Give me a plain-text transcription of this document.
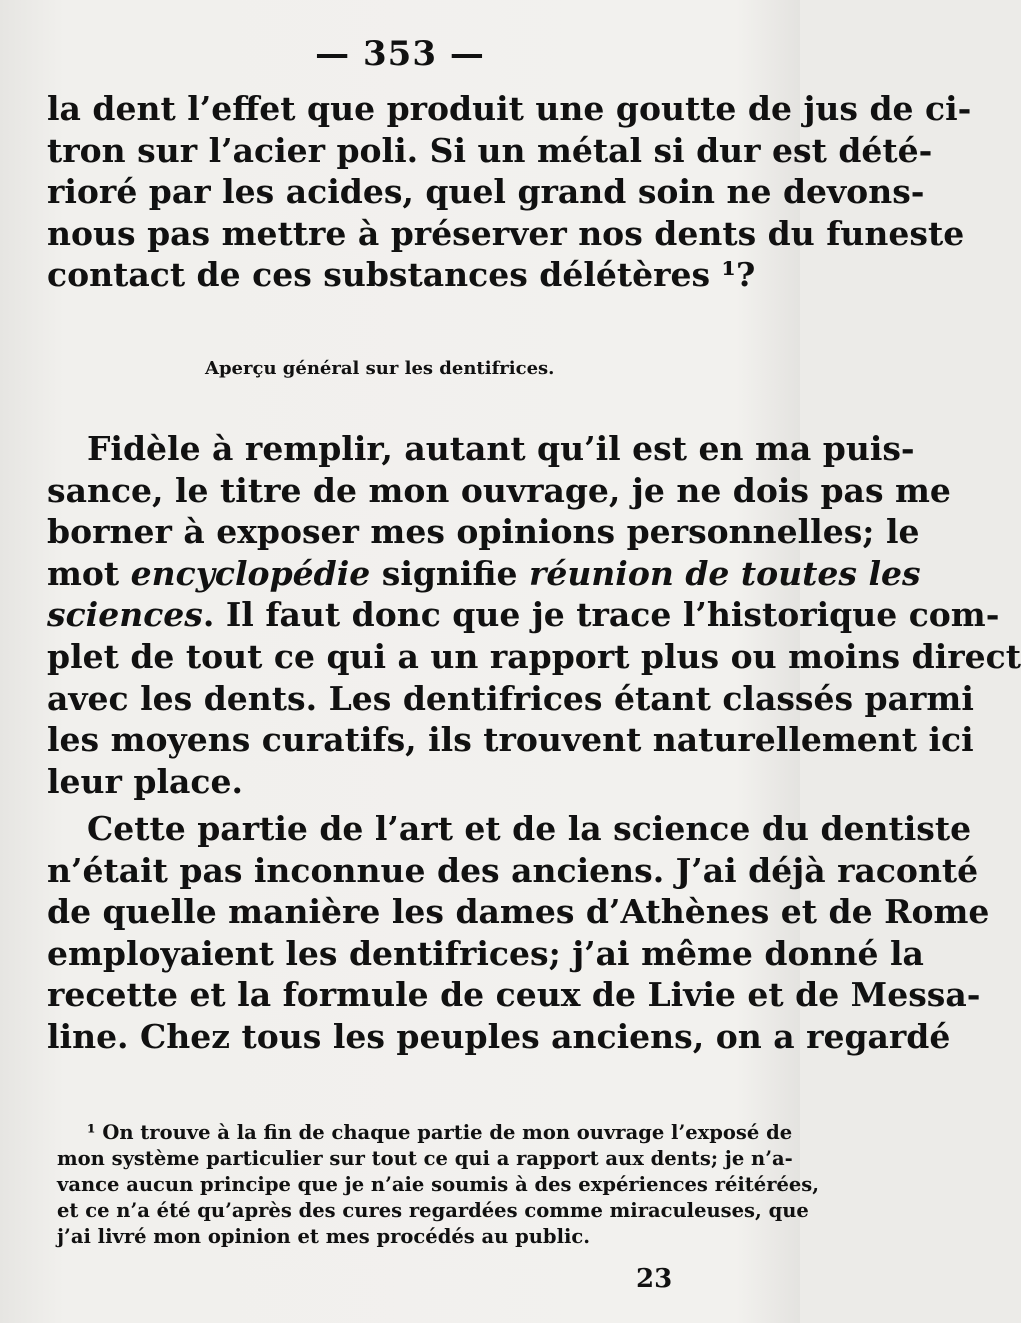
— 353 —
la dent l’effet que produit une goutte de jus de ci-
tron sur l’acier poli. Si un métal si dur est dété-
rioré par les acides, quel grand soin ne devons-
nous pas mettre à préserver nos dents du funeste
contact de ces substances délétères ¹?
Aperçu général sur les dentifrices.
Fidèle à remplir, autant qu’il est en ma puis-
sance, le titre de mon ouvrage, je ne dois pas me
borner à exposer mes opinions personnelles; le
mot encyclopédie signifie réunion de toutes les
sciences. Il faut donc que je trace l’historique com-
plet de tout ce qui a un rapport plus ou moins direct
avec les dents. Les dentifrices étant classés parmi
les moyens curatifs, ils trouvent naturellement ici
leur place.
Cette partie de l’art et de la science du dentiste
n’était pas inconnue des anciens. J’ai déjà raconté
de quelle manière les dames d’Athènes et de Rome
employaient les dentifrices; j’ai même donné la
recette et la formule de ceux de Livie et de Messa-
line. Chez tous les peuples anciens, on a regardé
¹ On trouve à la fin de chaque partie de mon ouvrage l’exposé de
mon système particulier sur tout ce qui a rapport aux dents; je n’a-
vance aucun principe que je n’aie soumis à des expériences réitérées,
et ce n’a été qu’après des cures regardées comme miraculeuses, que
j’ai livré mon opinion et mes procédés au public.
23
